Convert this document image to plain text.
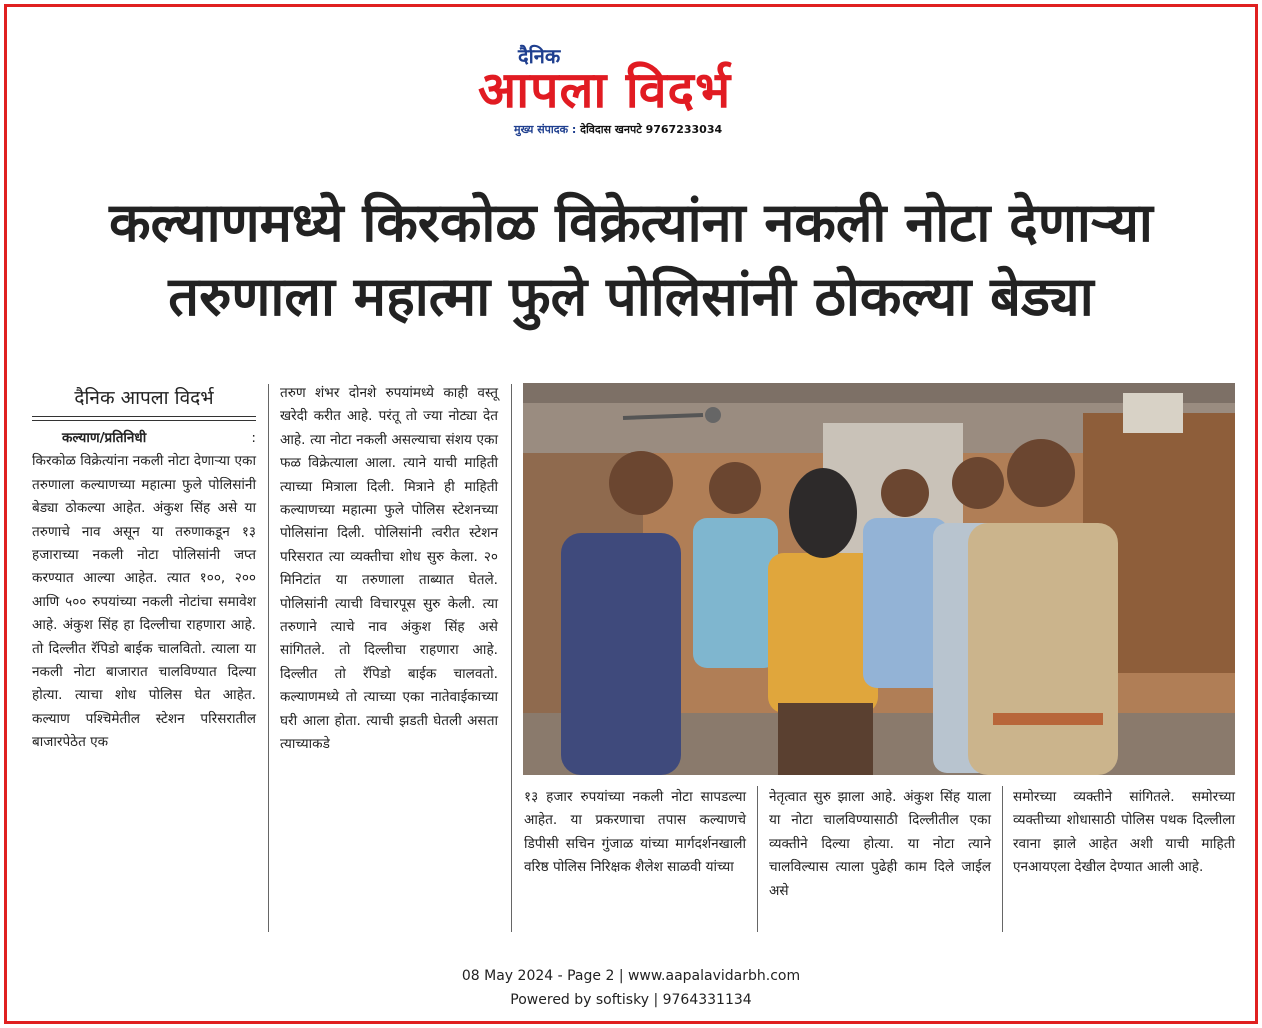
दैनिक
आपला विदर्भ
मुख्य संपादक : देविदास खनपटे 9767233034
कल्याणमध्ये किरकोळ विक्रेत्यांना नकली नोटा देणाऱ्या
तरुणाला महात्मा फुले पोलिसांनी ठोकल्या बेड्या
दैनिक आपला विदर्भ
कल्याण/प्रतिनिधी	:
किरकोळ विक्रेत्यांना नकली नोटा देणाऱ्या एका तरुणाला कल्याणच्या महात्मा फुले पोलिसांनी बेड्या ठोकल्या आहेत. अंकुश सिंह असे या तरुणाचे नाव असून या तरुणाकडून १३ हजाराच्या नकली नोटा पोलिसांनी जप्त करण्यात आल्या आहेत. त्यात १००, २०० आणि ५०० रुपयांच्या नकली नोटांचा समावेश आहे. अंकुश सिंह हा दिल्लीचा राहणारा आहे. तो दिल्लीत रॅपिडो बाईक चालवितो. त्याला या नकली नोटा बाजारात चालविण्यात दिल्या होत्या. त्याचा शोध पोलिस घेत आहेत. कल्याण पश्चिमेतील स्टेशन परिसरातील बाजारपेठेत एक
तरुण शंभर दोनशे रुपयांमध्ये काही वस्तू खरेदी करीत आहे. परंतू तो ज्या नोट्या देत आहे. त्या नोटा नकली असल्याचा संशय एका फळ विक्रेत्याला आला. त्याने याची माहिती त्याच्या मित्राला दिली. मित्राने ही माहिती कल्याणच्या महात्मा फुले पोलिस स्टेशनच्या पोलिसांना दिली. पोलिसांनी त्वरीत स्टेशन परिसरात त्या व्यक्तीचा शोध सुरु केला. २० मिनिटांत या तरुणाला ताब्यात घेतले. पोलिसांनी त्याची विचारपूस सुरु केली. त्या तरुणाने त्याचे नाव अंकुश सिंह असे सांगितले. तो दिल्लीचा राहणारा आहे. दिल्लीत तो रॅपिडो बाईक चालवतो. कल्याणमध्ये तो त्याच्या एका नातेवाईकाच्या घरी आला होता. त्याची झडती घेतली असता त्याच्याकडे
१३ हजार रुपयांच्या नकली नोटा सापडल्या आहेत. या प्रकरणाचा तपास कल्याणचे डिपीसी सचिन गुंजाळ यांच्या मार्गदर्शनखाली वरिष्ठ पोलिस निरिक्षक शैलेश साळवी यांच्या
नेतृत्वात सुरु झाला आहे. अंकुश सिंह याला या नोटा चालविण्यासाठी दिल्लीतील एका व्यक्तीने दिल्या होत्या. या नोटा त्याने चालविल्यास त्याला पुढेही काम दिले जाईल असे
समोरच्या व्यक्तीने सांगितले. समोरच्या व्यक्तीच्या शोधासाठी पोलिस पथक दिल्लीला रवाना झाले आहेत अशी याची माहिती एनआयएला देखील देण्यात आली आहे.
08 May 2024 - Page 2 | www.aapalavidarbh.com
Powered by softisky | 9764331134
